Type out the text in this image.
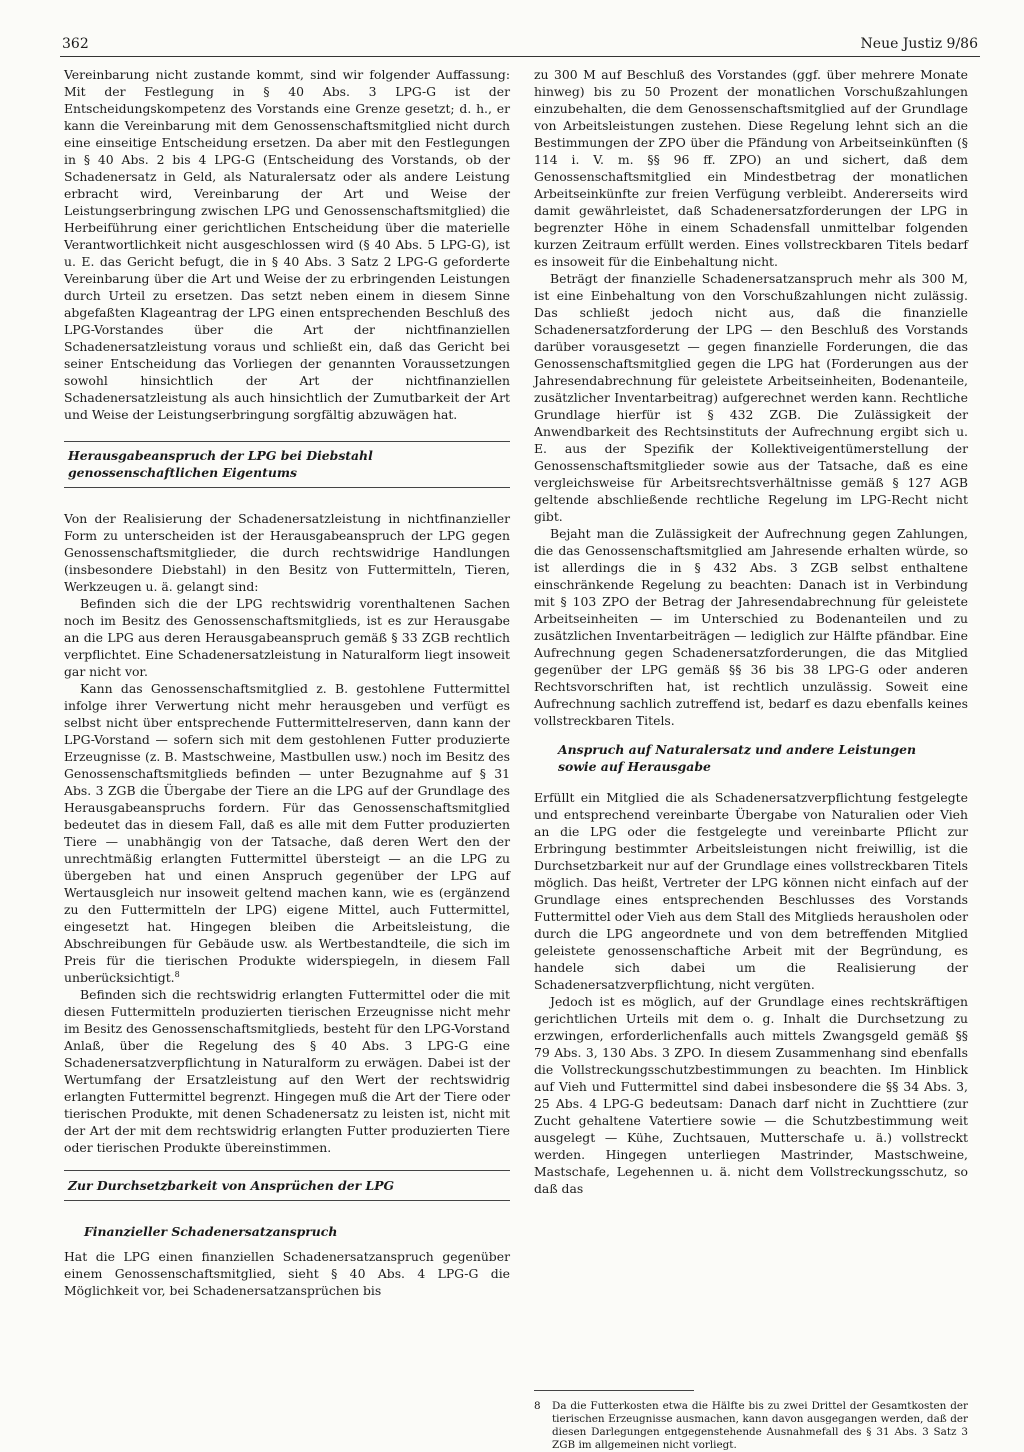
362	Neue Justiz 9/86

Vereinbarung nicht zustande kommt, sind wir folgender Auffassung: Mit der Festlegung in § 40 Abs. 3 LPG-G ist der Entscheidungskompetenz des Vorstands eine Grenze gesetzt; d. h., er kann die Vereinbarung mit dem Genossenschaftsmitglied nicht durch eine einseitige Entscheidung ersetzen. Da aber mit den Festlegungen in § 40 Abs. 2 bis 4 LPG-G (Entscheidung des Vorstands, ob der Schadenersatz in Geld, als Naturalersatz oder als andere Leistung erbracht wird, Vereinbarung der Art und Weise der Leistungserbringung zwischen LPG und Genossenschaftsmitglied) die Herbeiführung einer gerichtlichen Entscheidung über die materielle Verantwortlichkeit nicht ausgeschlossen wird (§ 40 Abs. 5 LPG-G), ist u. E. das Gericht befugt, die in § 40 Abs. 3 Satz 2 LPG-G geforderte Vereinbarung über die Art und Weise der zu erbringenden Leistungen durch Urteil zu ersetzen. Das setzt neben einem in diesem Sinne abgefaßten Klageantrag der LPG einen entsprechenden Beschluß des LPG-Vorstandes über die Art der nichtfinanziellen Schadenersatzleistung voraus und schließt ein, daß das Gericht bei seiner Entscheidung das Vorliegen der genannten Voraussetzungen sowohl hinsichtlich der Art der nichtfinanziellen Schadenersatzleistung als auch hinsichtlich der Zumutbarkeit der Art und Weise der Leistungserbringung sorgfältig abzuwägen hat.

Herausgabeanspruch der LPG bei Diebstahl
genossenschaftlichen Eigentums

Von der Realisierung der Schadenersatzleistung in nichtfinanzieller Form zu unterscheiden ist der Herausgabeanspruch der LPG gegen Genossenschaftsmitglieder, die durch rechtswidrige Handlungen (insbesondere Diebstahl) in den Besitz von Futtermitteln, Tieren, Werkzeugen u. ä. gelangt sind:

Befinden sich die der LPG rechtswidrig vorenthaltenen Sachen noch im Besitz des Genossenschaftsmitglieds, ist es zur Herausgabe an die LPG aus deren Herausgabeanspruch gemäß § 33 ZGB rechtlich verpflichtet. Eine Schadenersatzleistung in Naturalform liegt insoweit gar nicht vor.

Kann das Genossenschaftsmitglied z. B. gestohlene Futtermittel infolge ihrer Verwertung nicht mehr herausgeben und verfügt es selbst nicht über entsprechende Futtermittelreserven, dann kann der LPG-Vorstand — sofern sich mit dem gestohlenen Futter produzierte Erzeugnisse (z. B. Mastschweine, Mastbullen usw.) noch im Besitz des Genossenschaftsmitglieds befinden — unter Bezugnahme auf § 31 Abs. 3 ZGB die Übergabe der Tiere an die LPG auf der Grundlage des Herausgabeanspruchs fordern. Für das Genossenschaftsmitglied bedeutet das in diesem Fall, daß es alle mit dem Futter produzierten Tiere — unabhängig von der Tatsache, daß deren Wert den der unrechtmäßig erlangten Futtermittel übersteigt — an die LPG zu übergeben hat und einen Anspruch gegenüber der LPG auf Wertausgleich nur insoweit geltend machen kann, wie es (ergänzend zu den Futtermitteln der LPG) eigene Mittel, auch Futtermittel, eingesetzt hat. Hingegen bleiben die Arbeitsleistung, die Abschreibungen für Gebäude usw. als Wertbestandteile, die sich im Preis für die tierischen Produkte widerspiegeln, in diesem Fall unberücksichtigt.$^8$

Befinden sich die rechtswidrig erlangten Futtermittel oder die mit diesen Futtermitteln produzierten tierischen Erzeugnisse nicht mehr im Besitz des Genossenschaftsmitglieds, besteht für den LPG-Vorstand Anlaß, über die Regelung des § 40 Abs. 3 LPG-G eine Schadenersatzverpflichtung in Naturalform zu erwägen. Dabei ist der Wertumfang der Ersatzleistung auf den Wert der rechtswidrig erlangten Futtermittel begrenzt. Hingegen muß die Art der Tiere oder tierischen Produkte, mit denen Schadenersatz zu leisten ist, nicht mit der Art der mit dem rechtswidrig erlangten Futter produzierten Tiere oder tierischen Produkte übereinstimmen.

Zur Durchsetzbarkeit von Ansprüchen der LPG
Finanzieller Schadenersatzanspruch

Hat die LPG einen finanziellen Schadenersatzanspruch gegenüber einem Genossenschaftsmitglied, sieht § 40 Abs. 4 LPG-G die Möglichkeit vor, bei Schadenersatzansprüchen bis

zu 300 M auf Beschluß des Vorstandes (ggf. über mehrere Monate hinweg) bis zu 50 Prozent der monatlichen Vorschußzahlungen einzubehalten, die dem Genossenschaftsmitglied auf der Grundlage von Arbeitsleistungen zustehen. Diese Regelung lehnt sich an die Bestimmungen der ZPO über die Pfändung von Arbeitseinkünften (§ 114 i. V. m. §§ 96 ff. ZPO) an und sichert, daß dem Genossenschaftsmitglied ein Mindestbetrag der monatlichen Arbeitseinkünfte zur freien Verfügung verbleibt. Andererseits wird damit gewährleistet, daß Schadenersatzforderungen der LPG in begrenzter Höhe in einem Schadensfall unmittelbar folgenden kurzen Zeitraum erfüllt werden. Eines vollstreckbaren Titels bedarf es insoweit für die Einbehaltung nicht.

Beträgt der finanzielle Schadenersatzanspruch mehr als 300 M, ist eine Einbehaltung von den Vorschußzahlungen nicht zulässig. Das schließt jedoch nicht aus, daß die finanzielle Schadenersatzforderung der LPG — den Beschluß des Vorstands darüber vorausgesetzt — gegen finanzielle Forderungen, die das Genossenschaftsmitglied gegen die LPG hat (Forderungen aus der Jahresendabrechnung für geleistete Arbeitseinheiten, Bodenanteile, zusätzlicher Inventarbeitrag) aufgerechnet werden kann. Rechtliche Grundlage hierfür ist § 432 ZGB. Die Zulässigkeit der Anwendbarkeit des Rechtsinstituts der Aufrechnung ergibt sich u. E. aus der Spezifik der Kollektiveigentümerstellung der Genossenschaftsmitglieder sowie aus der Tatsache, daß es eine vergleichsweise für Arbeitsrechtsverhältnisse gemäß § 127 AGB geltende abschließende rechtliche Regelung im LPG-Recht nicht gibt.

Bejaht man die Zulässigkeit der Aufrechnung gegen Zahlungen, die das Genossenschaftsmitglied am Jahresende erhalten würde, so ist allerdings die in § 432 Abs. 3 ZGB selbst enthaltene einschränkende Regelung zu beachten: Danach ist in Verbindung mit § 103 ZPO der Betrag der Jahresendabrechnung für geleistete Arbeitseinheiten — im Unterschied zu Bodenanteilen und zu zusätzlichen Inventarbeiträgen — lediglich zur Hälfte pfändbar. Eine Aufrechnung gegen Schadenersatzforderungen, die das Mitglied gegenüber der LPG gemäß §§ 36 bis 38 LPG-G oder anderen Rechtsvorschriften hat, ist rechtlich unzulässig. Soweit eine Aufrechnung sachlich zutreffend ist, bedarf es dazu ebenfalls keines vollstreckbaren Titels.

Anspruch auf Naturalersatz und andere Leistungen
sowie auf Herausgabe

Erfüllt ein Mitglied die als Schadenersatzverpflichtung festgelegte und entsprechend vereinbarte Übergabe von Naturalien oder Vieh an die LPG oder die festgelegte und vereinbarte Pflicht zur Erbringung bestimmter Arbeitsleistungen nicht freiwillig, ist die Durchsetzbarkeit nur auf der Grundlage eines vollstreckbaren Titels möglich. Das heißt, Vertreter der LPG können nicht einfach auf der Grundlage eines entsprechenden Beschlusses des Vorstands Futtermittel oder Vieh aus dem Stall des Mitglieds herausholen oder durch die LPG angeordnete und von dem betreffenden Mitglied geleistete genossenschaftiche Arbeit mit der Begründung, es handele sich dabei um die Realisierung der Schadenersatzverpflichtung, nicht vergüten.

Jedoch ist es möglich, auf der Grundlage eines rechtskräftigen gerichtlichen Urteils mit dem o. g. Inhalt die Durchsetzung zu erzwingen, erforderlichenfalls auch mittels Zwangsgeld gemäß §§ 79 Abs. 3, 130 Abs. 3 ZPO. In diesem Zusammenhang sind ebenfalls die Vollstreckungsschutzbestimmungen zu beachten. Im Hinblick auf Vieh und Futtermittel sind dabei insbesondere die §§ 34 Abs. 3, 25 Abs. 4 LPG-G bedeutsam: Danach darf nicht in Zuchttiere (zur Zucht gehaltene Vatertiere sowie — die Schutzbestimmung weit ausgelegt — Kühe, Zuchtsauen, Mutterschafe u. ä.) vollstreckt werden. Hingegen unterliegen Mastrinder, Mastschweine, Mastschafe, Legehennen u. ä. nicht dem Vollstreckungsschutz, so daß das

8	Da die Futterkosten etwa die Hälfte bis zu zwei Drittel der Gesamtkosten der tierischen Erzeugnisse ausmachen, kann davon ausgegangen werden, daß der diesen Darlegungen entgegenstehende Ausnahmefall des § 31 Abs. 3 Satz 3 ZGB im allgemeinen nicht vorliegt.
